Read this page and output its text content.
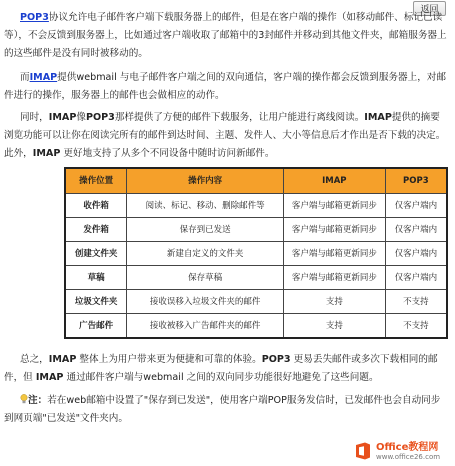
返回

POP3协议允许电子邮件客户端下载服务器上的邮件，但是在客户端的操作（如移动邮件、标记已读等），不会反馈到服务器上，比如通过客户端收取了邮箱中的3封邮件并移动到其他文件夹，邮箱服务器上的这些邮件是没有同时被移动的。

而IMAP提供webmail 与电子邮件客户端之间的双向通信，客户端的操作都会反馈到服务器上，对邮件进行的操作，服务器上的邮件也会做相应的动作。

同时，IMAP像POP3那样提供了方便的邮件下载服务，让用户能进行离线阅读。IMAP提供的摘要浏览功能可以让你在阅读完所有的邮件到达时间、主题、发件人、大小等信息后才作出是否下载的决定。此外，IMAP 更好地支持了从多个不同设备中随时访问新邮件。

操作位置	操作内容	IMAP	POP3
收件箱	阅读、标记、移动、删除邮件等	客户端与邮箱更新同步	仅客户端内
发件箱	保存到已发送	客户端与邮箱更新同步	仅客户端内
创建文件夹	新建自定义的文件夹	客户端与邮箱更新同步	仅客户端内
草稿	保存草稿	客户端与邮箱更新同步	仅客户端内
垃圾文件夹	接收误移入垃圾文件夹的邮件	支持	不支持
广告邮件	接收被移入广告邮件夹的邮件	支持	不支持

总之，IMAP 整体上为用户带来更为便捷和可靠的体验。POP3 更易丢失邮件或多次下载相同的邮件，但 IMAP 通过邮件客户端与webmail 之间的双向同步功能很好地避免了这些问题。

注：若在web邮箱中设置了"保存到已发送"，使用客户端POP服务发信时，已发邮件也会自动同步到网页端"已发送"文件夹内。

Office教程网
www.office26.com
